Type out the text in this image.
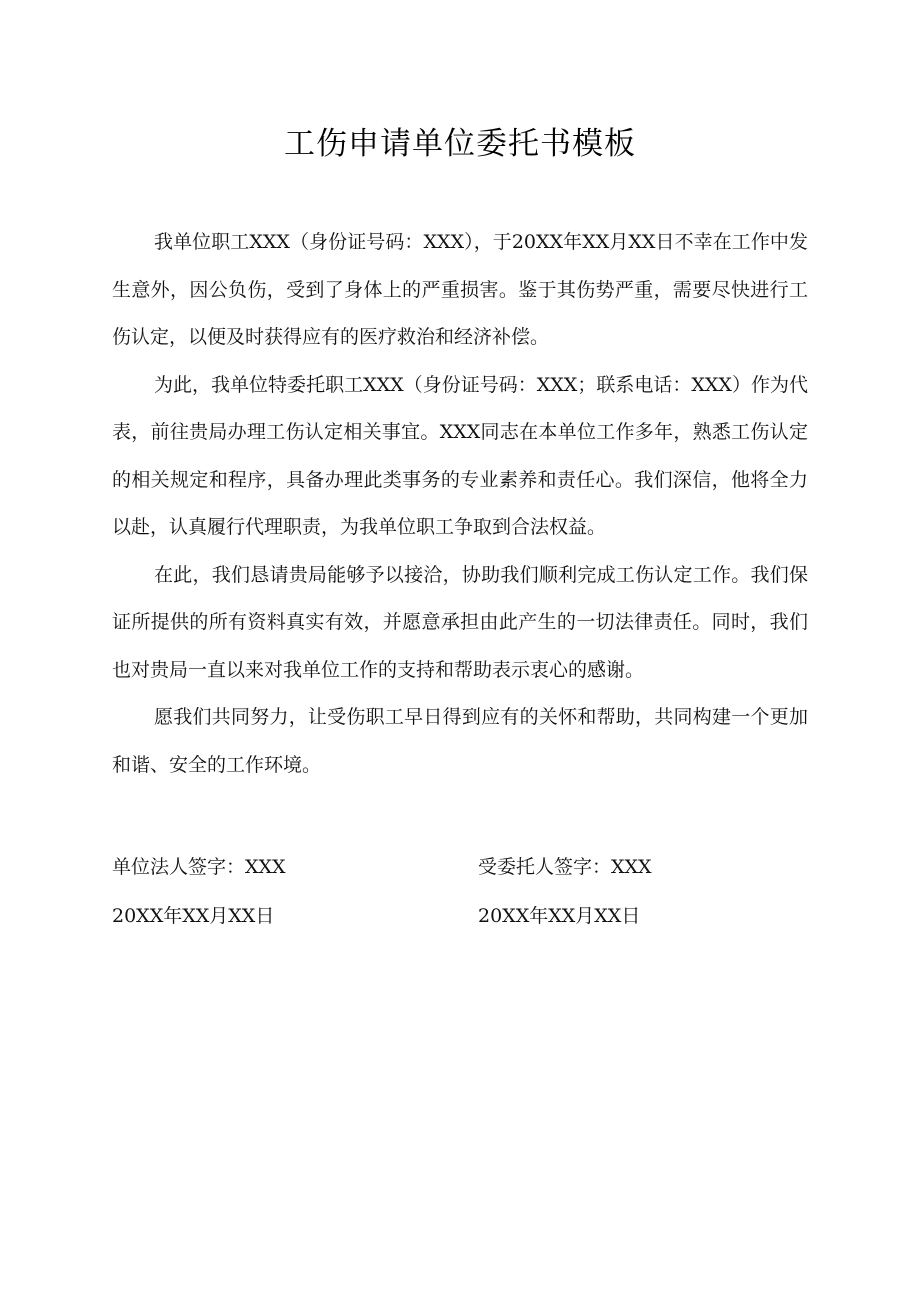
工伤申请单位委托书模板

我单位职工XXX（身份证号码：XXX），于20XX年XX月XX日不幸在工作中发生意外，因公负伤，受到了身体上的严重损害。鉴于其伤势严重，需要尽快进行工伤认定，以便及时获得应有的医疗救治和经济补偿。

为此，我单位特委托职工XXX（身份证号码：XXX；联系电话：XXX）作为代表，前往贵局办理工伤认定相关事宜。XXX同志在本单位工作多年，熟悉工伤认定的相关规定和程序，具备办理此类事务的专业素养和责任心。我们深信，他将全力以赴，认真履行代理职责，为我单位职工争取到合法权益。

在此，我们恳请贵局能够予以接洽，协助我们顺利完成工伤认定工作。我们保证所提供的所有资料真实有效，并愿意承担由此产生的一切法律责任。同时，我们也对贵局一直以来对我单位工作的支持和帮助表示衷心的感谢。

愿我们共同努力，让受伤职工早日得到应有的关怀和帮助，共同构建一个更加和谐、安全的工作环境。

单位法人签字：XXX	受委托人签字：XXX
20XX年XX月XX日	20XX年XX月XX日
